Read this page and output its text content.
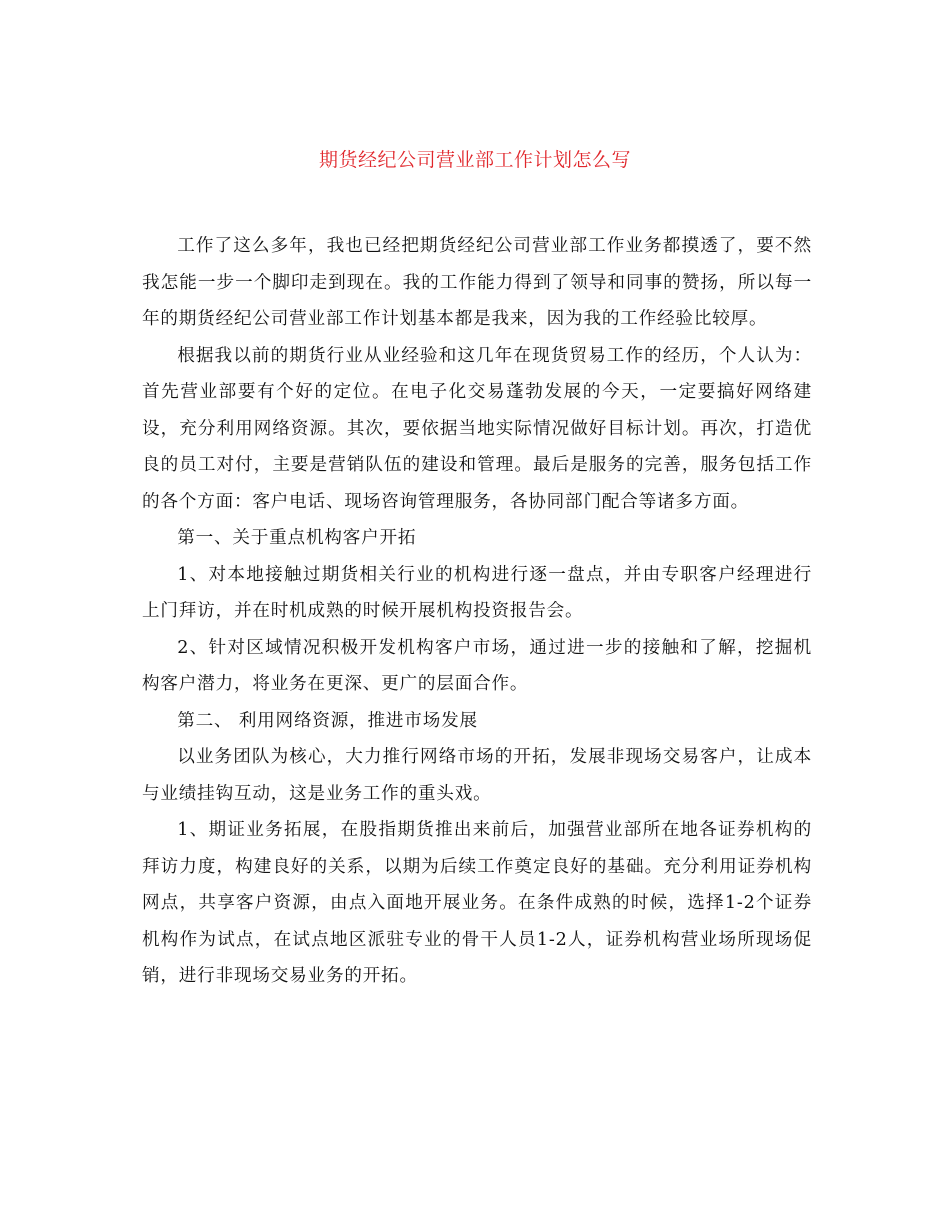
期货经纪公司营业部工作计划怎么写

工作了这么多年，我也已经把期货经纪公司营业部工作业务都摸透了，要不然我怎能一步一个脚印走到现在。我的工作能力得到了领导和同事的赞扬，所以每一年的期货经纪公司营业部工作计划基本都是我来，因为我的工作经验比较厚。

根据我以前的期货行业从业经验和这几年在现货贸易工作的经历，个人认为：首先营业部要有个好的定位。在电子化交易蓬勃发展的今天，一定要搞好网络建设，充分利用网络资源。其次，要依据当地实际情况做好目标计划。再次，打造优良的员工对付，主要是营销队伍的建设和管理。最后是服务的完善，服务包括工作的各个方面：客户电话、现场咨询管理服务，各协同部门配合等诸多方面。

第一、关于重点机构客户开拓

1、对本地接触过期货相关行业的机构进行逐一盘点，并由专职客户经理进行上门拜访，并在时机成熟的时候开展机构投资报告会。

2、针对区域情况积极开发机构客户市场，通过进一步的接触和了解，挖掘机构客户潜力，将业务在更深、更广的层面合作。

第二、 利用网络资源，推进市场发展

以业务团队为核心，大力推行网络市场的开拓，发展非现场交易客户，让成本与业绩挂钩互动，这是业务工作的重头戏。

1、期证业务拓展，在股指期货推出来前后，加强营业部所在地各证券机构的拜访力度，构建良好的关系，以期为后续工作奠定良好的基础。充分利用证券机构网点，共享客户资源，由点入面地开展业务。在条件成熟的时候，选择1-2个证券机构作为试点，在试点地区派驻专业的骨干人员1-2人，证券机构营业场所现场促销，进行非现场交易业务的开拓。
